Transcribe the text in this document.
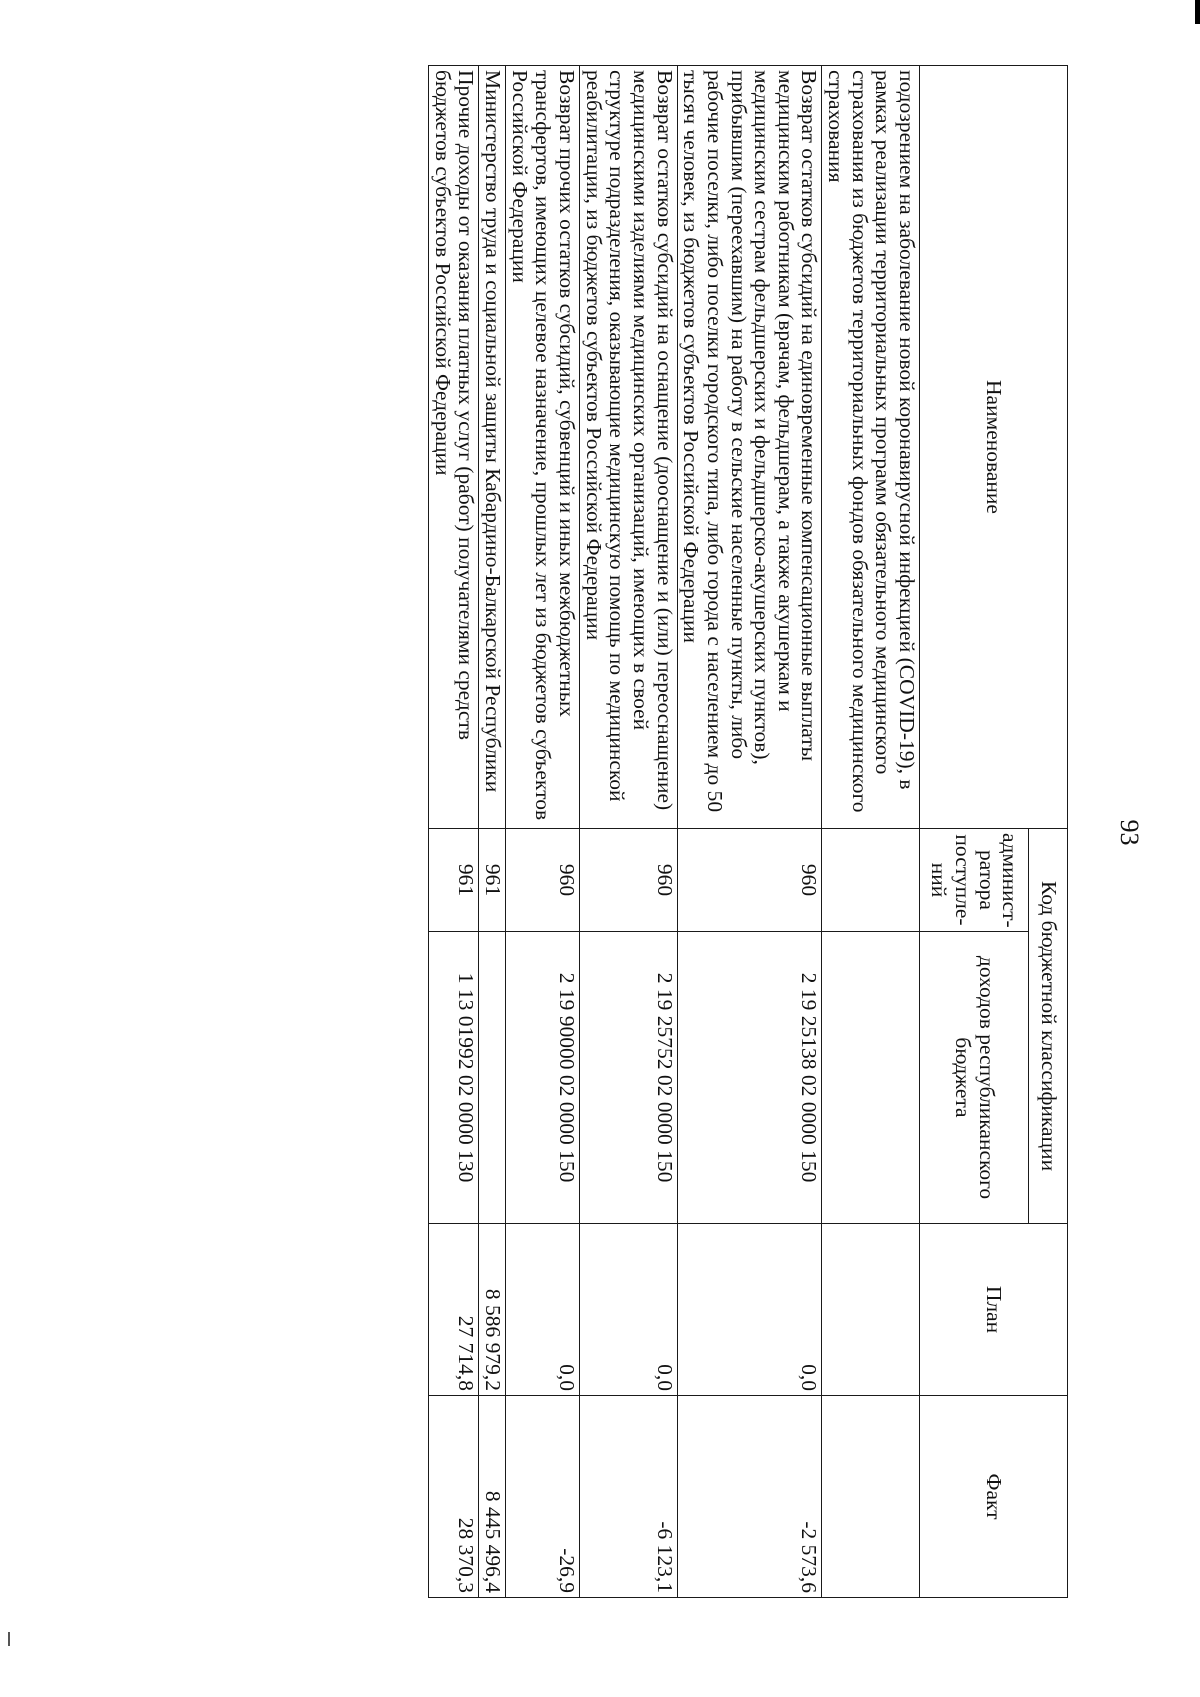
93
Наименование	Код бюджетной классификации		План	Факт
	админист-ратора поступле-ний	доходов республиканского бюджета		
подозрением на заболевание новой коронавирусной инфекцией (COVID-19), в рамках реализации территориальных программ обязательного медицинского страхования из бюджетов территориальных фондов обязательного медицинского страхования				
Возврат остатков субсидий на единовременные компенсационные выплаты медицинским работникам (врачам, фельдшерам, а также акушеркам и медицинским сестрам фельдшерских и фельдшерско-акушерских пунктов), прибывшим (переехавшим) на работу в сельские населенные пункты, либо рабочие поселки, либо поселки городского типа, либо города с населением до 50 тысяч человек, из бюджетов субъектов Российской Федерации	960	2 19 25138 02 0000 150	0,0	-2 573,6
Возврат остатков субсидий на оснащение (дооснащение и (или) переоснащение) медицинскими изделиями медицинских организаций, имеющих в своей структуре подразделения, оказывающие медицинскую помощь по медицинской реабилитации, из бюджетов субъектов Российской Федерации	960	2 19 25752 02 0000 150	0,0	-6 123,1
Возврат прочих остатков субсидий, субвенций и иных межбюджетных трансфертов, имеющих целевое назначение, прошлых лет из бюджетов субъектов Российской Федерации	960	2 19 90000 02 0000 150	0,0	-26,9
Министерство труда и социальной защиты Кабардино-Балкарской Республики	961		8 586 979,2	8 445 496,4
Прочие доходы от оказания платных услуг (работ) получателями средств бюджетов субъектов Российской Федерации	961	1 13 01992 02 0000 130	27 714,8	28 370,3
